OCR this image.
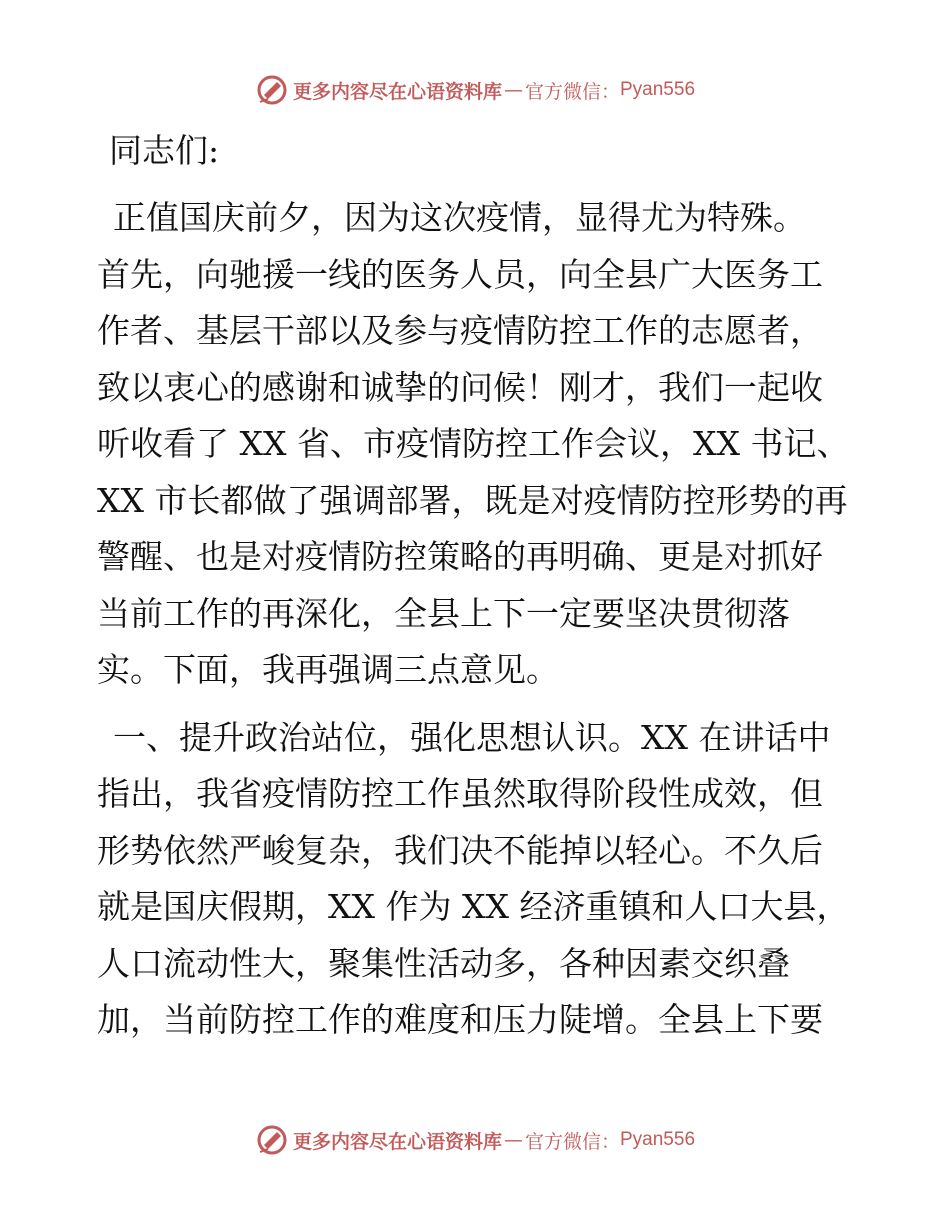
更多内容尽在心语资料库 — 官方微信： Pyan556
同志们:
正值国庆前夕，因为这次疫情，显得尤为特殊。
首先，向驰援一线的医务人员，向全县广大医务工
作者、基层干部以及参与疫情防控工作的志愿者，
致以衷心的感谢和诚挚的问候！刚才，我们一起收
听收看了 XX 省、市疫情防控工作会议，XX 书记、
XX 市长都做了强调部署，既是对疫情防控形势的再
警醒、也是对疫情防控策略的再明确、更是对抓好
当前工作的再深化，全县上下一定要坚决贯彻落
实。下面，我再强调三点意见。
一、提升政治站位，强化思想认识。XX 在讲话中
指出，我省疫情防控工作虽然取得阶段性成效，但
形势依然严峻复杂，我们决不能掉以轻心。不久后
就是国庆假期，XX 作为 XX 经济重镇和人口大县，
人口流动性大，聚集性活动多，各种因素交织叠
加，当前防控工作的难度和压力陡增。全县上下要
更多内容尽在心语资料库 — 官方微信： Pyan556
